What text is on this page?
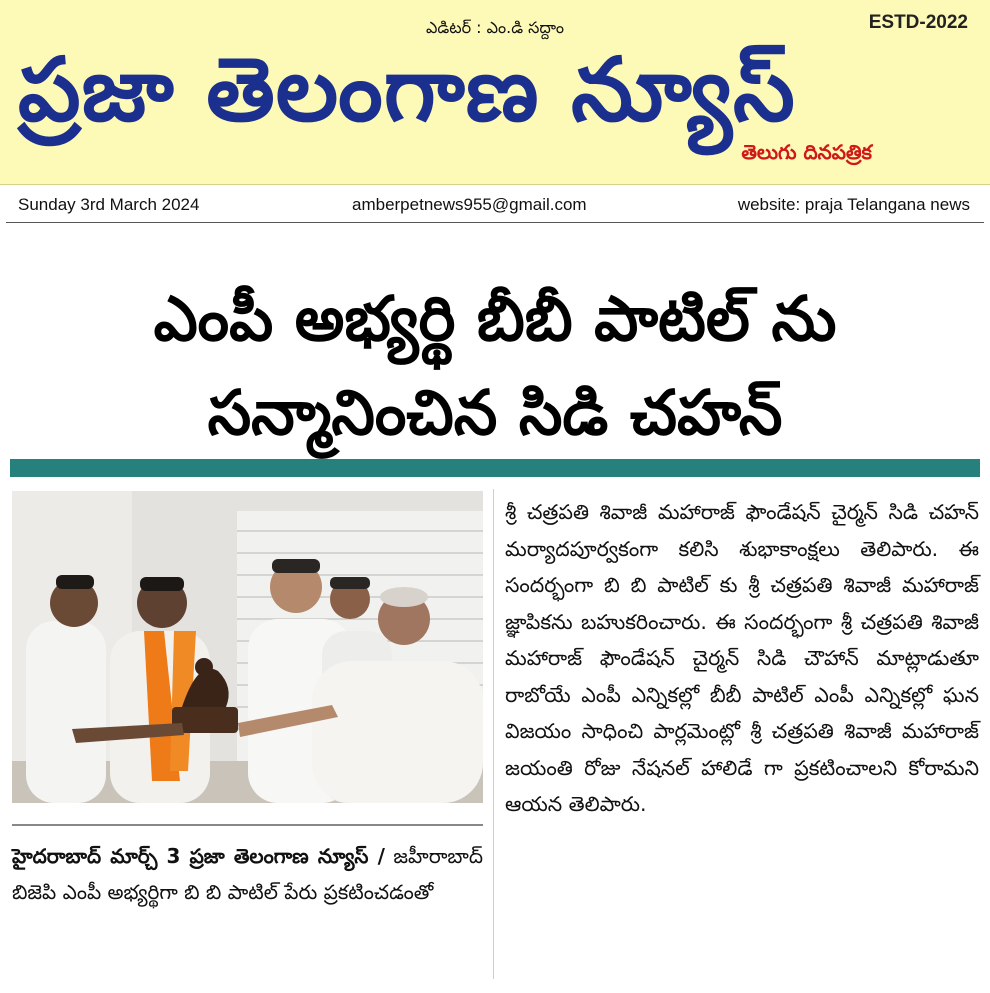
ఎడిటర్ : ఎం.డి సద్దాం	ESTD-2022
ప్రజా తెలంగాణ న్యూస్
తెలుగు దినపత్రిక
Sunday 3rd March 2024	amberpetnews955@gmail.com	website: praja Telangana news
ఎంపీ అభ్యర్థి బీబీ పాటిల్ ను
సన్మానించిన సిడి చహన్
హైదరాబాద్ మార్చ్ 3 ప్రజా తెలంగాణ న్యూస్ / జహీరాబాద్ బిజెపి ఎంపీ అభ్యర్థిగా బి బి పాటిల్ పేరు ప్రకటించడంతో
శ్రీ చత్రపతి శివాజీ మహారాజ్ ఫౌండేషన్ చైర్మన్ సిడి చహన్ మర్యాదపూర్వకంగా కలిసి శుభాకాంక్షలు తెలిపారు. ఈ సందర్భంగా బి బి పాటిల్ కు శ్రీ చత్రపతి శివాజీ మహారాజ్ జ్ఞాపికను బహుకరించారు. ఈ సందర్భంగా శ్రీ చత్రపతి శివాజీ మహారాజ్ ఫౌండేషన్ చైర్మన్ సిడి చౌహాన్ మాట్లాడుతూ రాబోయే ఎంపీ ఎన్నికల్లో బీబీ పాటిల్ ఎంపీ ఎన్నికల్లో ఘన విజయం సాధించి పార్లమెంట్లో శ్రీ చత్రపతి శివాజీ మహారాజ్ జయంతి రోజు నేషనల్ హాలిడే గా ప్రకటించాలని కోరామని ఆయన తెలిపారు.
